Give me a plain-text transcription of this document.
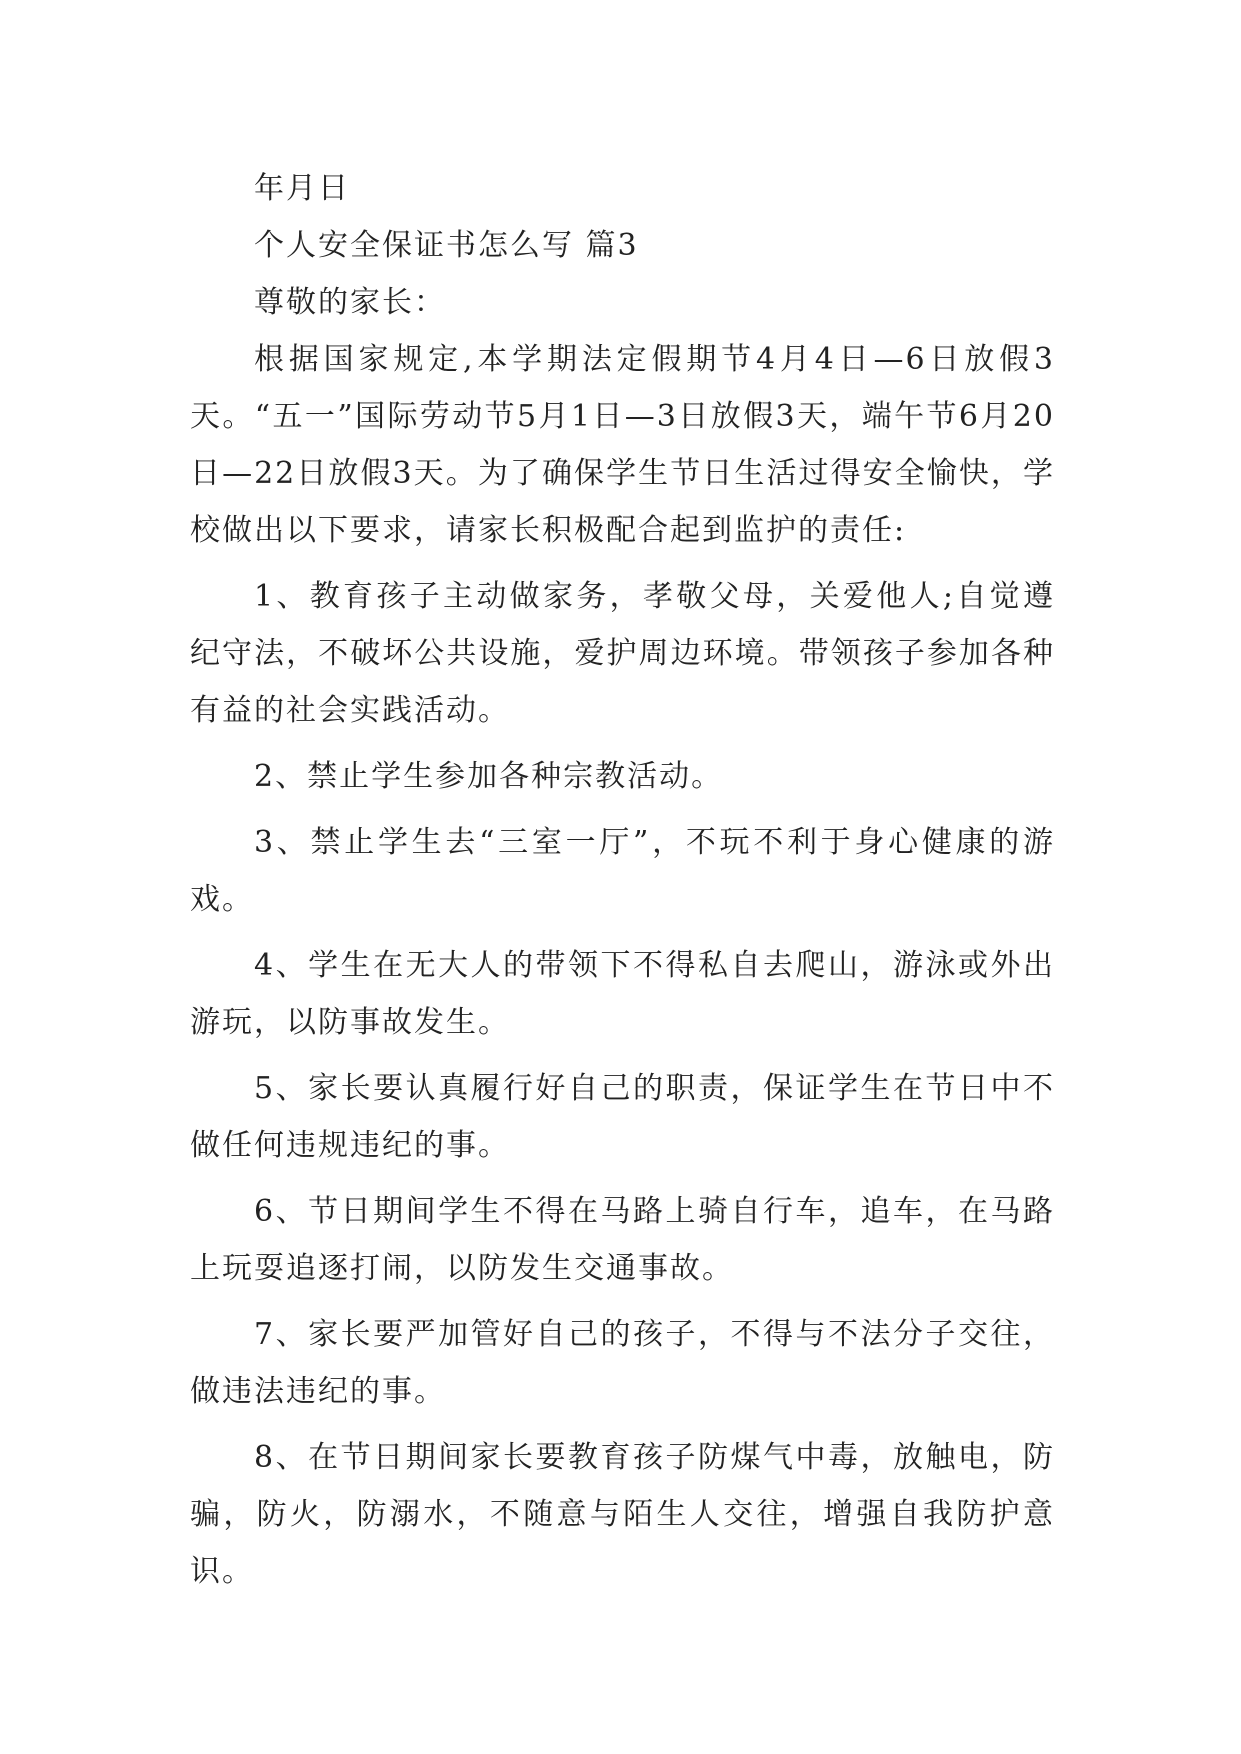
年月日

个人安全保证书怎么写 篇3

尊敬的家长：

根据国家规定,本学期法定假期节4月4日—6日放假3天。“五一”国际劳动节5月1日—3日放假3天，端午节6月20日—22日放假3天。为了确保学生节日生活过得安全愉快，学校做出以下要求，请家长积极配合起到监护的责任:

1、教育孩子主动做家务，孝敬父母，关爱他人;自觉遵纪守法，不破坏公共设施，爱护周边环境。带领孩子参加各种有益的社会实践活动。

2、禁止学生参加各种宗教活动。

3、禁止学生去“三室一厅”，不玩不利于身心健康的游戏。

4、学生在无大人的带领下不得私自去爬山，游泳或外出游玩，以防事故发生。

5、家长要认真履行好自己的职责，保证学生在节日中不做任何违规违纪的事。

6、节日期间学生不得在马路上骑自行车，追车，在马路上玩耍追逐打闹，以防发生交通事故。

7、家长要严加管好自己的孩子，不得与不法分子交往，做违法违纪的事。

8、在节日期间家长要教育孩子防煤气中毒，放触电，防骗，防火，防溺水，不随意与陌生人交往，增强自我防护意识。
